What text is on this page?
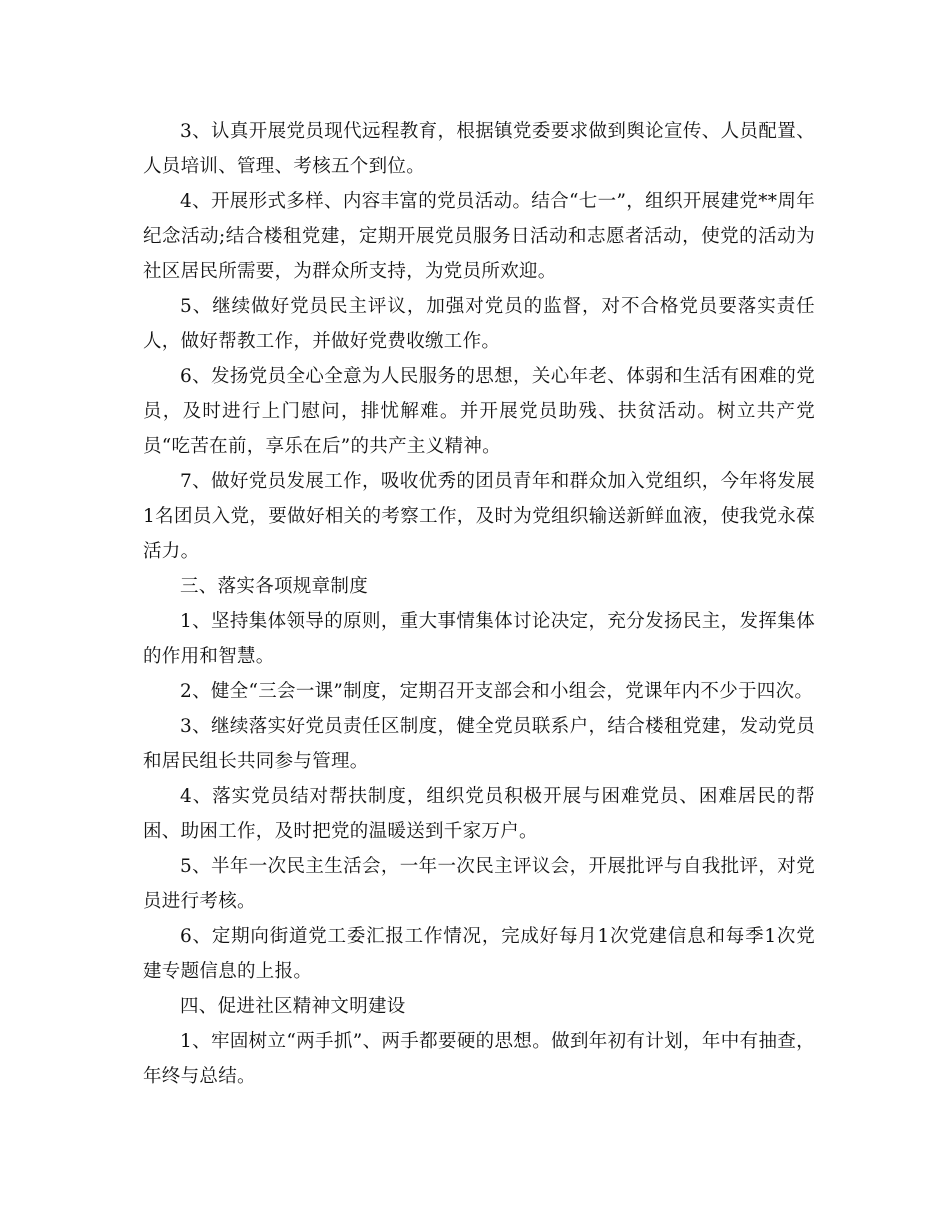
3、认真开展党员现代远程教育，根据镇党委要求做到舆论宣传、人员配置、人员培训、管理、考核五个到位。

4、开展形式多样、内容丰富的党员活动。结合“七一”，组织开展建党**周年纪念活动;结合楼租党建，定期开展党员服务日活动和志愿者活动，使党的活动为社区居民所需要，为群众所支持，为党员所欢迎。

5、继续做好党员民主评议，加强对党员的监督，对不合格党员要落实责任人，做好帮教工作，并做好党费收缴工作。

6、发扬党员全心全意为人民服务的思想，关心年老、体弱和生活有困难的党员，及时进行上门慰问，排忧解难。并开展党员助残、扶贫活动。树立共产党员“吃苦在前，享乐在后”的共产主义精神。

7、做好党员发展工作，吸收优秀的团员青年和群众加入党组织，今年将发展1名团员入党，要做好相关的考察工作，及时为党组织输送新鲜血液，使我党永葆活力。

三、落实各项规章制度

1、坚持集体领导的原则，重大事情集体讨论决定，充分发扬民主，发挥集体的作用和智慧。

2、健全“三会一课”制度，定期召开支部会和小组会，党课年内不少于四次。

3、继续落实好党员责任区制度，健全党员联系户，结合楼租党建，发动党员和居民组长共同参与管理。

4、落实党员结对帮扶制度，组织党员积极开展与困难党员、困难居民的帮困、助困工作，及时把党的温暖送到千家万户。

5、半年一次民主生活会，一年一次民主评议会，开展批评与自我批评，对党员进行考核。

6、定期向街道党工委汇报工作情况，完成好每月1次党建信息和每季1次党建专题信息的上报。

四、促进社区精神文明建设

1、牢固树立“两手抓”、两手都要硬的思想。做到年初有计划，年中有抽查，年终与总结。
